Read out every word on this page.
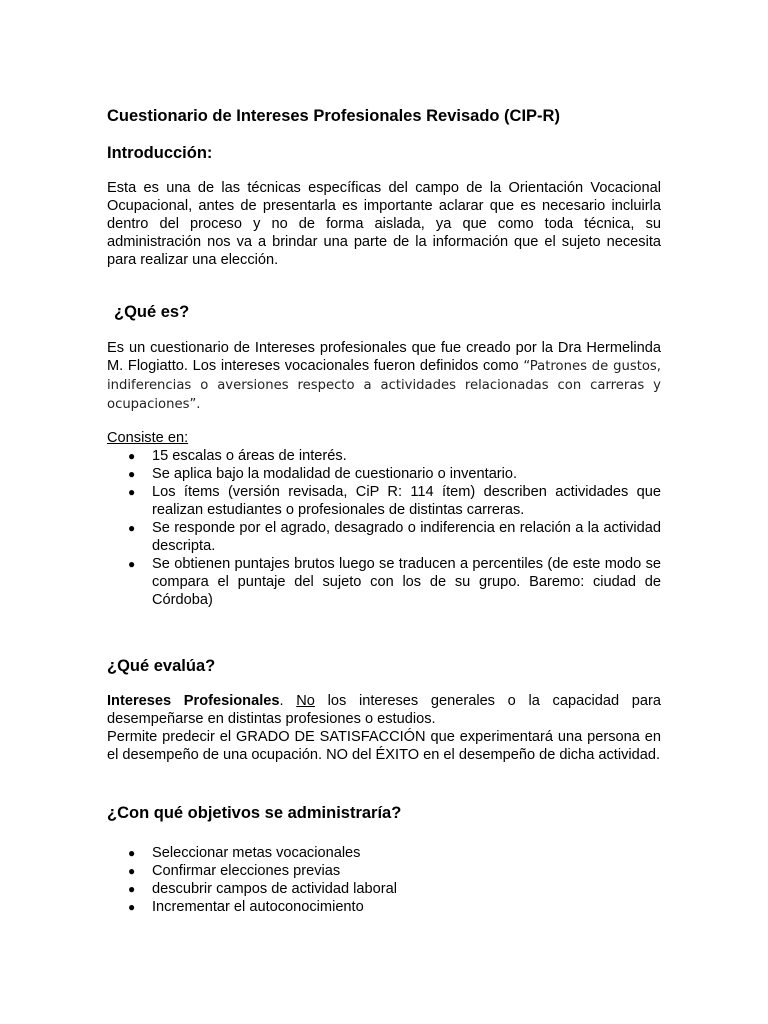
Cuestionario de Intereses Profesionales Revisado (CIP-R)
Introducción:

Esta es una de las técnicas específicas del campo de la Orientación Vocacional Ocupacional, antes de presentarla es importante aclarar que es necesario incluirla dentro del proceso y no de forma aislada, ya que como toda técnica, su administración nos va a brindar una parte de la información que el sujeto necesita para realizar una elección.

¿Qué es?

Es un cuestionario de Intereses profesionales que fue creado por la Dra Hermelinda M. Flogiatto. Los intereses vocacionales fueron definidos como “Patrones de gustos, indiferencias o aversiones respecto a actividades relacionadas con carreras y ocupaciones”.

Consiste en:

● 15 escalas o áreas de interés.
● Se aplica bajo la modalidad de cuestionario o inventario.
● Los ítems (versión revisada, CiP R: 114 ítem) describen actividades que realizan estudiantes o profesionales de distintas carreras.
● Se responde por el agrado, desagrado o indiferencia en relación a la actividad descripta.
● Se obtienen puntajes brutos luego se traducen a percentiles (de este modo se compara el puntaje del sujeto con los de su grupo. Baremo: ciudad de Córdoba)
¿Qué evalúa?

Intereses Profesionales. No los intereses generales o la capacidad para desempeñarse en distintas profesiones o estudios.
Permite predecir el GRADO DE SATISFACCIÓN que experimentará una persona en el desempeño de una ocupación. NO del ÉXITO en el desempeño de dicha actividad.

¿Con qué objetivos se administraría?
● Seleccionar metas vocacionales
● Confirmar elecciones previas
● descubrir campos de actividad laboral
● Incrementar el autoconocimiento
